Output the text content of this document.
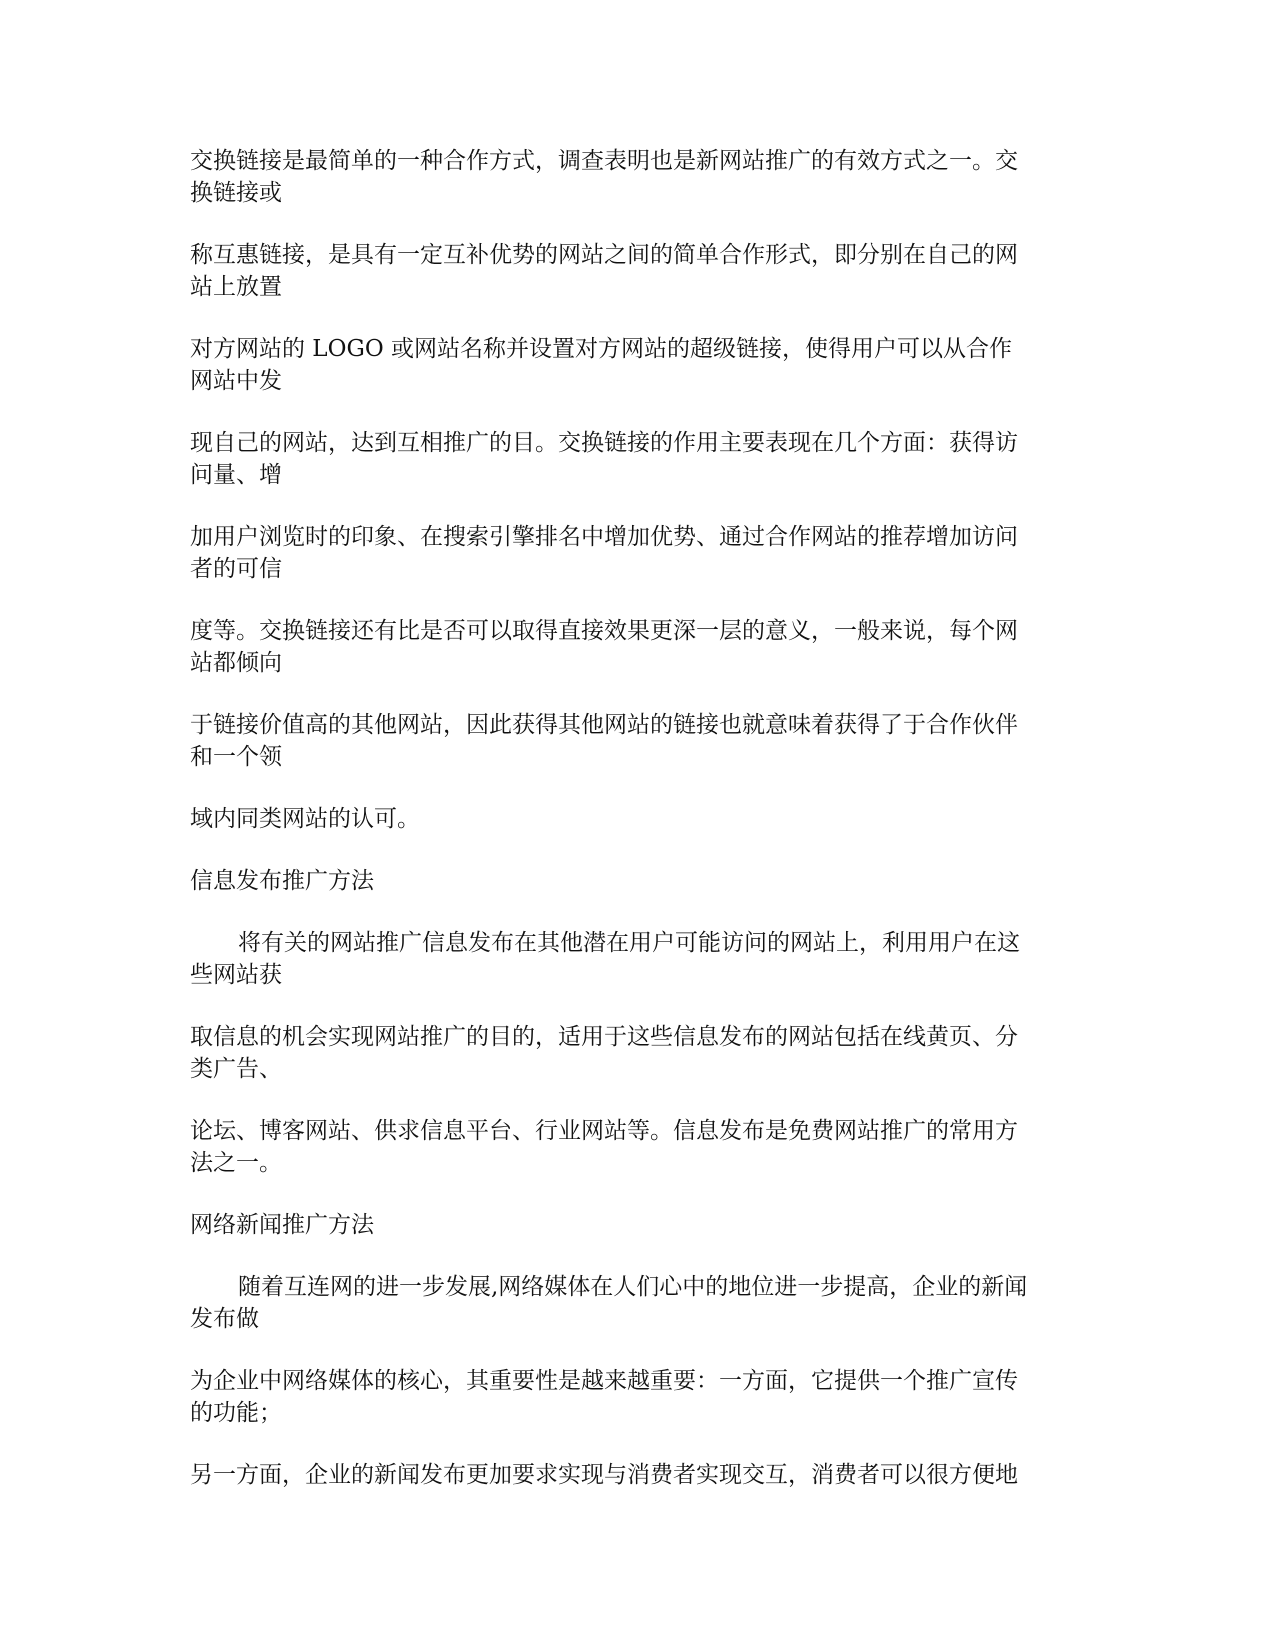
交换链接是最简单的一种合作方式，调查表明也是新网站推广的有效方式之一。交
换链接或
称互惠链接，是具有一定互补优势的网站之间的简单合作形式，即分别在自己的网
站上放置
对方网站的 LOGO 或网站名称并设置对方网站的超级链接，使得用户可以从合作
网站中发
现自己的网站，达到互相推广的目。交换链接的作用主要表现在几个方面：获得访
问量、增
加用户浏览时的印象、在搜索引擎排名中增加优势、通过合作网站的推荐增加访问
者的可信
度等。交换链接还有比是否可以取得直接效果更深一层的意义，一般来说，每个网
站都倾向
于链接价值高的其他网站，因此获得其他网站的链接也就意味着获得了于合作伙伴
和一个领
域内同类网站的认可。
信息发布推广方法
将有关的网站推广信息发布在其他潜在用户可能访问的网站上，利用用户在这
些网站获
取信息的机会实现网站推广的目的，适用于这些信息发布的网站包括在线黄页、分
类广告、
论坛、博客网站、供求信息平台、行业网站等。信息发布是免费网站推广的常用方
法之一。
网络新闻推广方法
随着互连网的进一步发展,网络媒体在人们心中的地位进一步提高，企业的新闻
发布做
为企业中网络媒体的核心，其重要性是越来越重要：一方面，它提供一个推广宣传
的功能；
另一方面，企业的新闻发布更加要求实现与消费者实现交互，消费者可以很方便地
